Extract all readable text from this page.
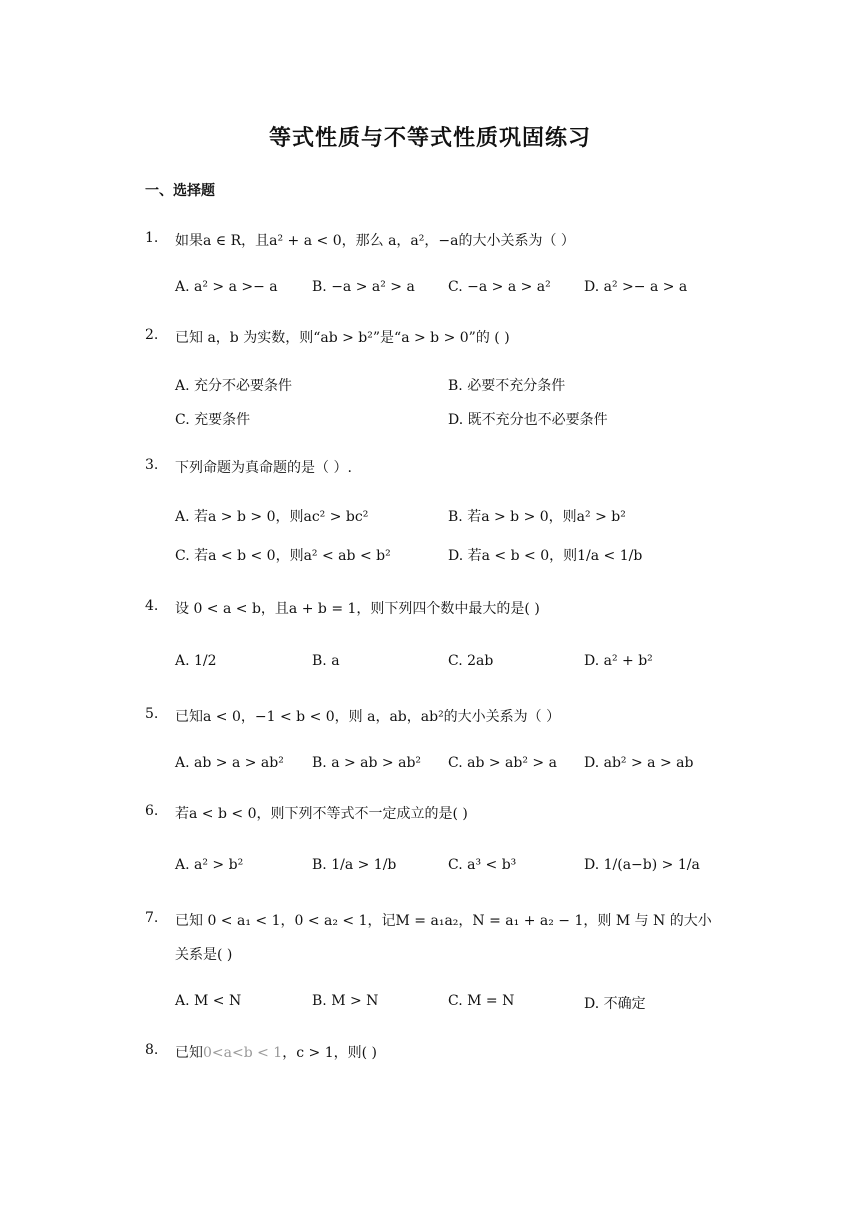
等式性质与不等式性质巩固练习
一、选择题
1. 如果a ∈ R，且a² + a < 0，那么 a，a²，−a的大小关系为（ ）
A. a² > a >− a B. −a > a² > a C. −a > a > a² D. a² >− a > a
2. 已知 a，b 为实数，则“ab > b²”是“a > b > 0”的 ( )
A. 充分不必要条件	B. 必要不充分条件
C. 充要条件	D. 既不充分也不必要条件
3. 下列命题为真命题的是（ ）.
A. 若a > b > 0，则ac² > bc²	B. 若a > b > 0，则a² > b²
C. 若a < b < 0，则a² < ab < b²	D. 若a < b < 0，则1/a < 1/b
4. 设 0 < a < b，且a + b = 1，则下列四个数中最大的是( )
A. 1/2	B. a	C. 2ab	D. a² + b²
5. 已知a < 0，−1 < b < 0，则 a，ab，ab²的大小关系为（ ）
A. ab > a > ab² B. a > ab > ab² C. ab > ab² > a D. ab² > a > ab
6. 若a < b < 0，则下列不等式不一定成立的是( )
A. a² > b²	B. 1/a > 1/b	C. a³ < b³	D. 1/(a−b) > 1/a
7. 已知 0 < a₁ < 1，0 < a₂ < 1，记M = a₁a₂，N = a₁ + a₂ − 1，则 M 与 N 的大小
关系是( )
A. M < N	B. M > N	C. M = N	D. 不确定
8. 已知0<a<b < 1，c > 1，则( )
